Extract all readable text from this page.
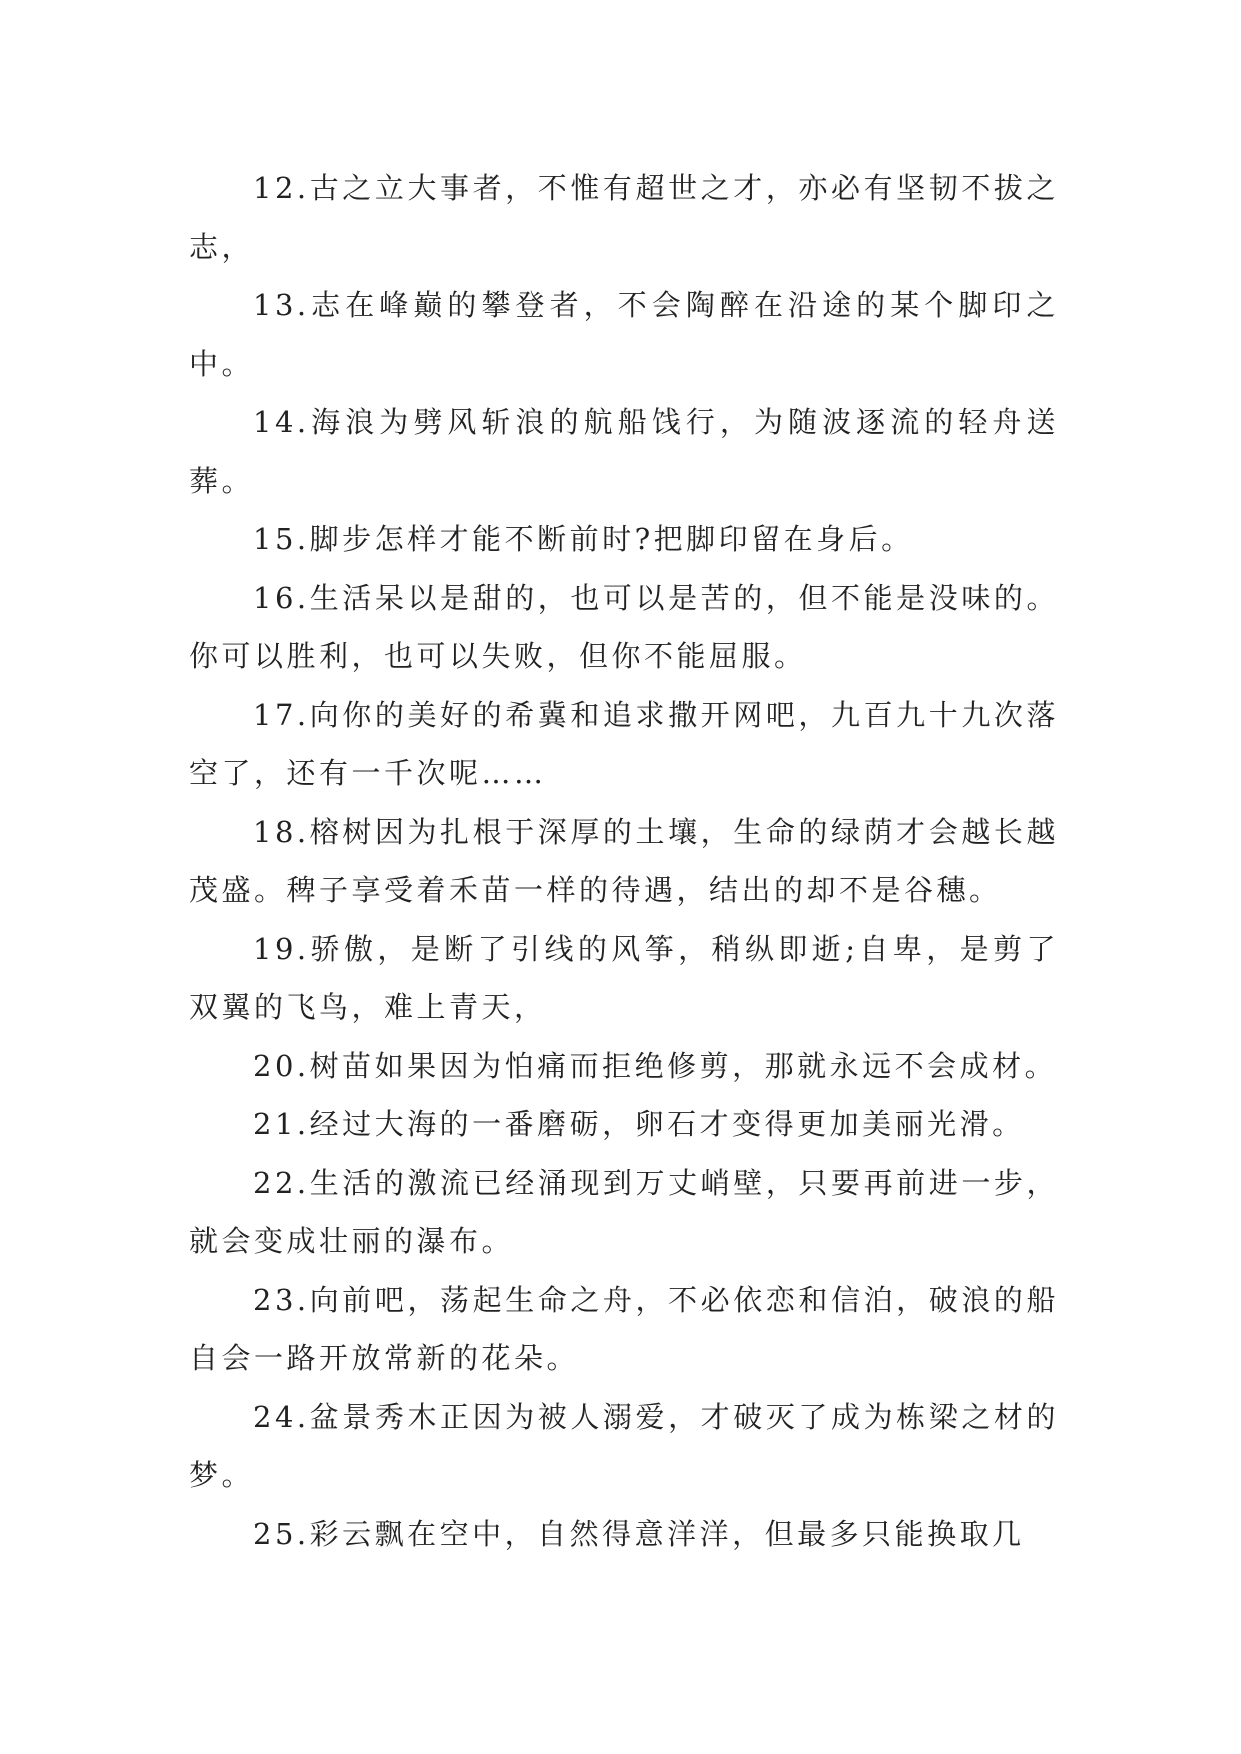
12.古之立大事者，不惟有超世之才，亦必有坚韧不拔之志，

13.志在峰巅的攀登者，不会陶醉在沿途的某个脚印之中。

14.海浪为劈风斩浪的航船饯行，为随波逐流的轻舟送葬。

15.脚步怎样才能不断前时?把脚印留在身后。

16.生活呆以是甜的，也可以是苦的，但不能是没味的。你可以胜利，也可以失败，但你不能屈服。

17.向你的美好的希冀和追求撒开网吧，九百九十九次落空了，还有一千次呢……

18.榕树因为扎根于深厚的土壤，生命的绿荫才会越长越茂盛。稗子享受着禾苗一样的待遇，结出的却不是谷穗。

19.骄傲，是断了引线的风筝，稍纵即逝;自卑，是剪了双翼的飞鸟，难上青天，

20.树苗如果因为怕痛而拒绝修剪，那就永远不会成材。

21.经过大海的一番磨砺，卵石才变得更加美丽光滑。

22.生活的激流已经涌现到万丈峭壁，只要再前进一步，就会变成壮丽的瀑布。

23.向前吧，荡起生命之舟，不必依恋和信泊，破浪的船自会一路开放常新的花朵。

24.盆景秀木正因为被人溺爱，才破灭了成为栋梁之材的梦。

25.彩云飘在空中，自然得意洋洋，但最多只能换取几
